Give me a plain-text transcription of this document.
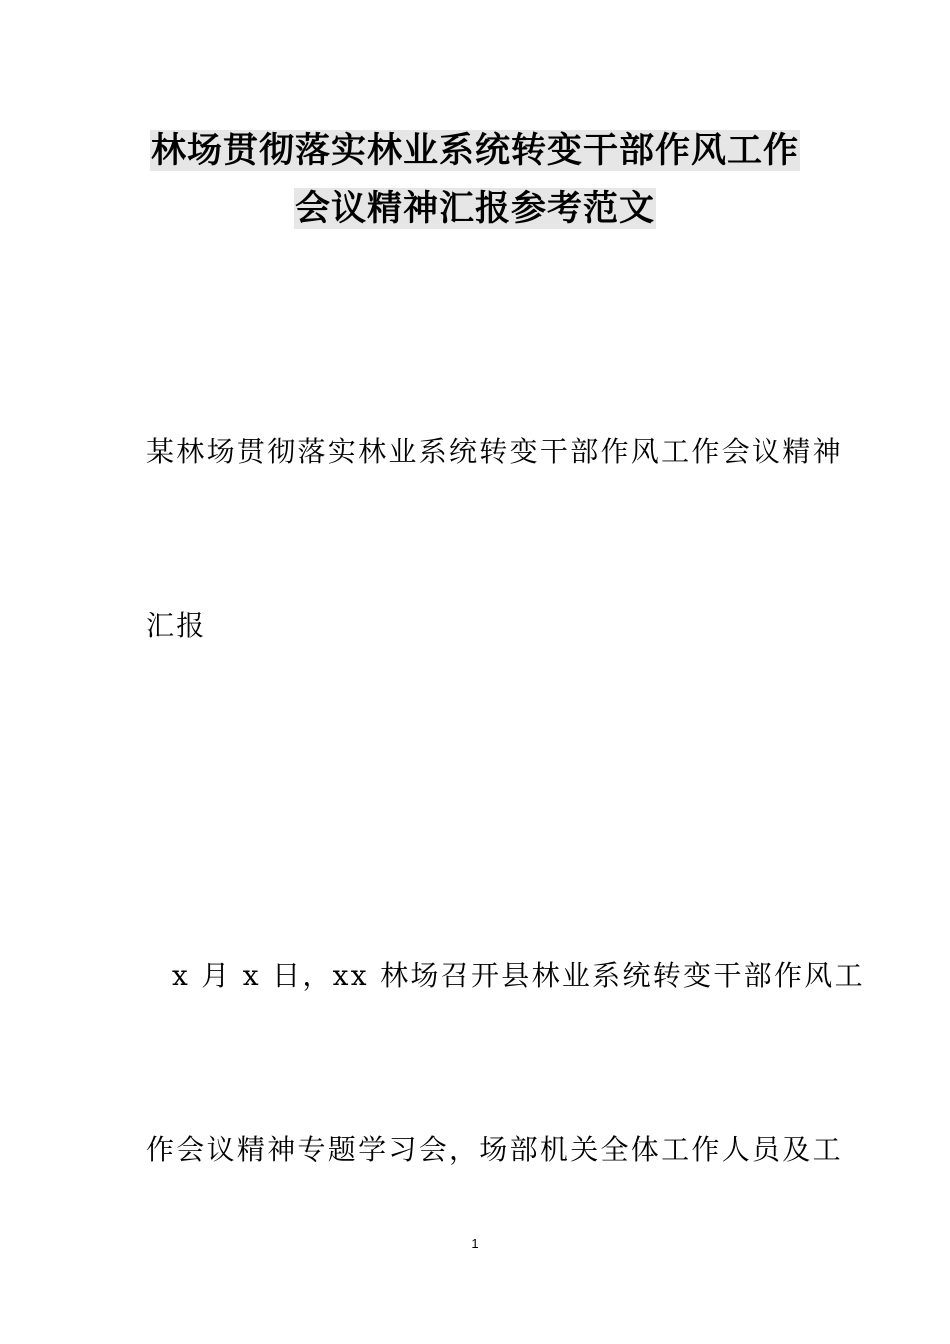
林场贯彻落实林业系统转变干部作风工作
会议精神汇报参考范文
某林场贯彻落实林业系统转变干部作风工作会议精神
汇报
x 月 x 日，xx 林场召开县林业系统转变干部作风工
作会议精神专题学习会，场部机关全体工作人员及工
1
